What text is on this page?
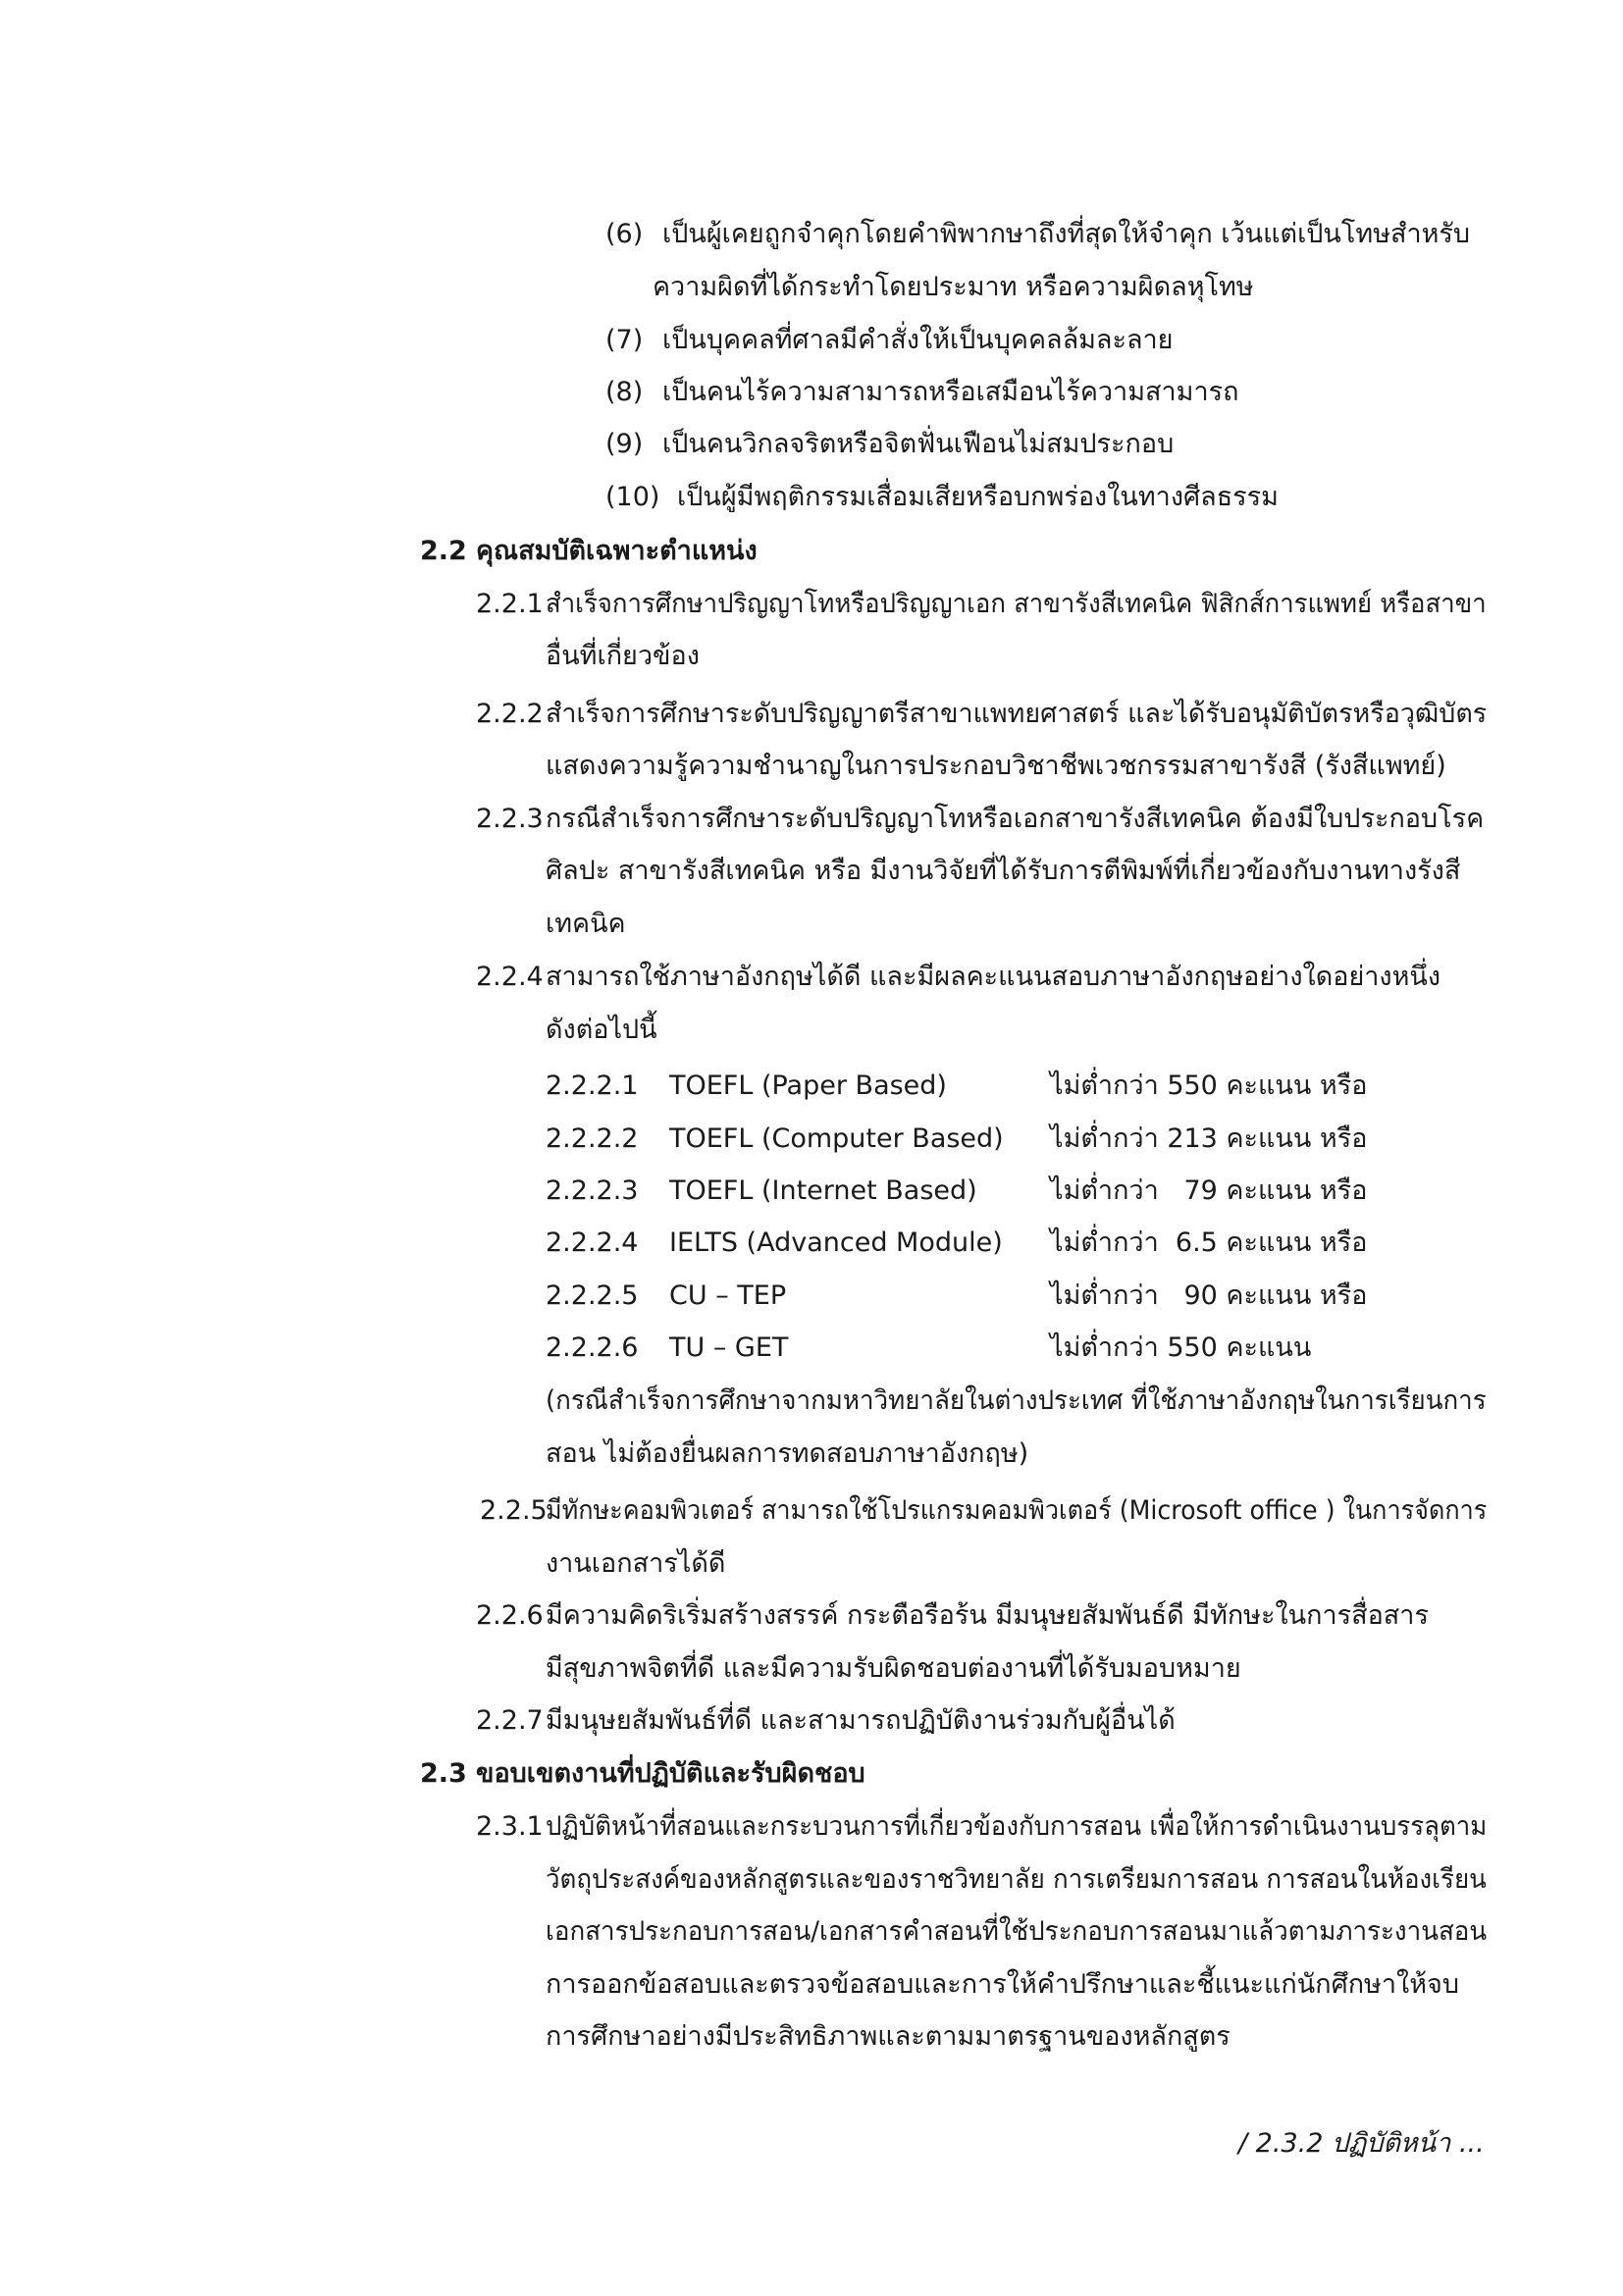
(6) เป็นผู้เคยถูกจำคุกโดยคำพิพากษาถึงที่สุดให้จำคุก เว้นแต่เป็นโทษสำหรับ
ความผิดที่ได้กระทำโดยประมาท หรือความผิดลหุโทษ
(7) เป็นบุคคลที่ศาลมีคำสั่งให้เป็นบุคคลล้มละลาย
(8) เป็นคนไร้ความสามารถหรือเสมือนไร้ความสามารถ
(9) เป็นคนวิกลจริตหรือจิตฟั่นเฟือนไม่สมประกอบ
(10) เป็นผู้มีพฤติกรรมเสื่อมเสียหรือบกพร่องในทางศีลธรรม
2.2 คุณสมบัติเฉพาะตำแหน่ง
2.2.1 สำเร็จการศึกษาปริญญาโทหรือปริญญาเอก สาขารังสีเทคนิค ฟิสิกส์การแพทย์ หรือสาขา
อื่นที่เกี่ยวข้อง
2.2.2 สำเร็จการศึกษาระดับปริญญาตรีสาขาแพทยศาสตร์ และได้รับอนุมัติบัตรหรือวุฒิบัตร
แสดงความรู้ความชำนาญในการประกอบวิชาชีพเวชกรรมสาขารังสี (รังสีแพทย์)
2.2.3 กรณีสำเร็จการศึกษาระดับปริญญาโทหรือเอกสาขารังสีเทคนิค ต้องมีใบประกอบโรค
ศิลปะ สาขารังสีเทคนิค หรือ มีงานวิจัยที่ได้รับการตีพิมพ์ที่เกี่ยวข้องกับงานทางรังสี
เทคนิค
2.2.4 สามารถใช้ภาษาอังกฤษได้ดี และมีผลคะแนนสอบภาษาอังกฤษอย่างใดอย่างหนึ่ง
ดังต่อไปนี้
2.2.2.1 TOEFL (Paper Based)	ไม่ต่ำกว่า 550 คะแนน หรือ
2.2.2.2 TOEFL (Computer Based) ไม่ต่ำกว่า 213 คะแนน หรือ
2.2.2.3 TOEFL (Internet Based)	ไม่ต่ำกว่า   79 คะแนน หรือ
2.2.2.4 IELTS (Advanced Module) ไม่ต่ำกว่า  6.5 คะแนน หรือ
2.2.2.5 CU – TEP	ไม่ต่ำกว่า   90 คะแนน หรือ
2.2.2.6 TU – GET	ไม่ต่ำกว่า 550 คะแนน
(กรณีสำเร็จการศึกษาจากมหาวิทยาลัยในต่างประเทศ ที่ใช้ภาษาอังกฤษในการเรียนการ
สอน ไม่ต้องยื่นผลการทดสอบภาษาอังกฤษ)
2.2.5
มีทักษะคอมพิวเตอร์ สามารถใช้โปรแกรมคอมพิวเตอร์ (Microsoft office ) ในการจัดการ
งานเอกสารได้ดี
2.2.6 มีความคิดริเริ่มสร้างสรรค์ กระตือรือร้น มีมนุษยสัมพันธ์ดี มีทักษะในการสื่อสาร
มีสุขภาพจิตที่ดี และมีความรับผิดชอบต่องานที่ได้รับมอบหมาย
2.2.7 มีมนุษยสัมพันธ์ที่ดี และสามารถปฏิบัติงานร่วมกับผู้อื่นได้
2.3 ขอบเขตงานที่ปฏิบัติและรับผิดชอบ
2.3.1 ปฏิบัติหน้าที่สอนและกระบวนการที่เกี่ยวข้องกับการสอน เพื่อให้การดำเนินงานบรรลุตาม
วัตถุประสงค์ของหลักสูตรและของราชวิทยาลัย การเตรียมการสอน การสอนในห้องเรียน
เอกสารประกอบการสอน/เอกสารคำสอนที่ใช้ประกอบการสอนมาแล้วตามภาระงานสอน
การออกข้อสอบและตรวจข้อสอบและการให้คำปรึกษาและชี้แนะแก่นักศึกษาให้จบ
การศึกษาอย่างมีประสิทธิภาพและตามมาตรฐานของหลักสูตร
/ 2.3.2 ปฏิบัติหน้า ...
